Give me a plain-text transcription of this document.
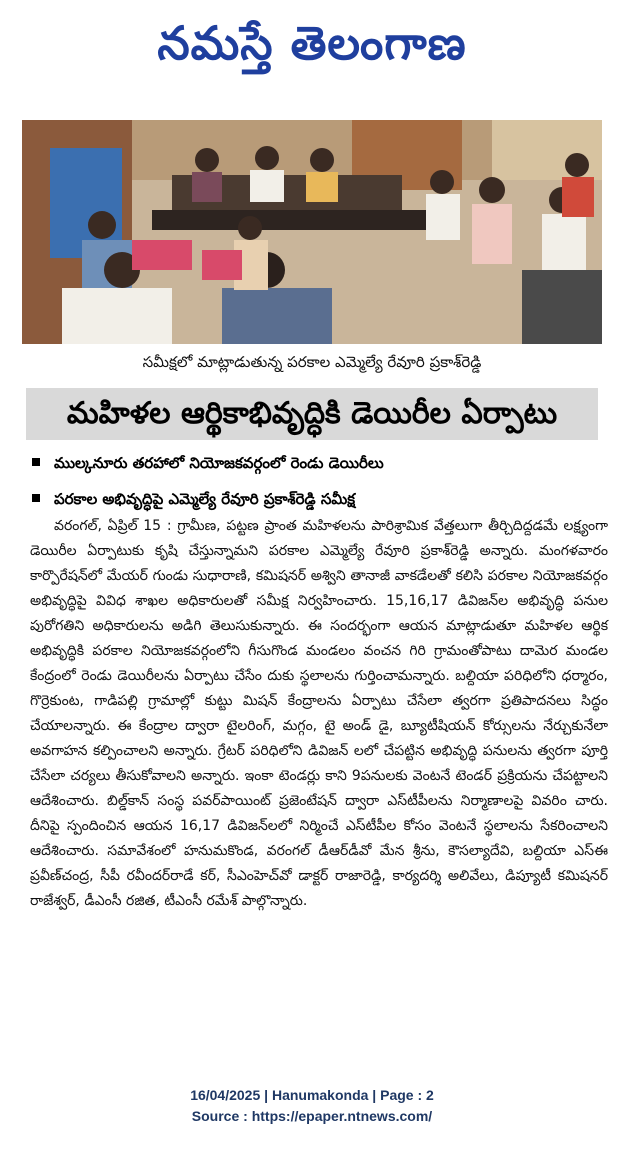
నమస్తే తెలంగాణ
సమీక్షలో మాట్లాడుతున్న పరకాల ఎమ్మెల్యే రేవూరి ప్రకాశ్‌రెడ్డి
మహిళల ఆర్థికాభివృద్ధికి డెయిరీల ఏర్పాటు
ముల్కనూరు తరహాలో నియోజకవర్గంలో రెండు డెయిరీలు
పరకాల అభివృద్ధిపై ఎమ్మెల్యే రేవూరి ప్రకాశ్‌రెడ్డి సమీక్ష
వరంగల్‌, ఏప్రిల్‌ 15 : గ్రామీణ, పట్టణ ప్రాంత మహిళలను పారిశ్రామిక వేత్తలుగా తీర్చిదిద్దడమే లక్ష్యంగా డెయిరీల ఏర్పాటుకు కృషి చేస్తున్నామని పరకాల ఎమ్మెల్యే రేవూరి ప్రకాశ్‌రెడ్డి అన్నారు. మంగళవారం కార్పొరేషన్‌లో మేయర్‌ గుండు సుధారాణి, కమిషనర్‌ అశ్విని తానాజీ వాకడేలతో కలిసి పరకాల నియోజకవర్గం అభివృద్ధిపై వివిధ శాఖల అధికారులతో సమీక్ష నిర్వహించారు. 15,16,17 డివిజన్‌ల అభివృద్ధి పనుల పురోగతిని అధికారులను అడిగి తెలుసుకున్నారు. ఈ సందర్భంగా ఆయన మాట్లాడుతూ మహిళల ఆర్థిక అభివృద్ధికి పరకాల నియోజకవర్గంలోని గీసుగొండ మండలం వంచన గిరి గ్రామంతోపాటు దామెర మండల కేంద్రంలో రెండు డెయిరీలను ఏర్పాటు చేసేం దుకు స్థలాలను గుర్తించామన్నారు. బల్దియా పరిధిలోని ధర్మారం, గొర్రెకుంట, గాడిపల్లి గ్రామాల్లో కుట్టు మిషన్‌ కేంద్రాలను ఏర్పాటు చేసేలా త్వరగా ప్రతిపాదనలు సిద్ధం చేయాలన్నారు. ఈ కేంద్రాల ద్వారా టైలరింగ్‌, మగ్గం, టై అండ్‌ డై, బ్యూటీషియన్‌ కోర్సులను నేర్చుకునేలా అవగాహన కల్పించాలని అన్నారు. గ్రేటర్‌ పరిధిలోని డివిజన్‌ లలో చేపట్టిన అభివృద్ధి పనులను త్వరగా పూర్తి చేసేలా చర్యలు తీసుకోవాలని అన్నారు. ఇంకా టెండర్లు కాని 9పనులకు వెంటనే టెండర్‌ ప్రక్రియను చేపట్టాలని ఆదేశించారు. బిల్డ్‌కాన్‌ సంస్థ పవర్‌పాయింట్‌ ప్రజెంటేషన్‌ ద్వారా ఎస్‌టీపీలను నిర్మాణాలపై వివరిం చారు. దీనిపై స్పందించిన ఆయన 16,17 డివిజన్‌లలో నిర్మించే ఎస్‌టీపీల కోసం వెంటనే స్థలాలను సేకరించాలని ఆదేశించారు. సమావేశంలో హనుమకొండ, వరంగల్‌ డీఆర్‌డీవో మేన శ్రీను, కౌసల్యాదేవి, బల్దియా ఎస్‌ఈ ప్రవీణ్‌చంద్ర, సీపీ రవీందర్‌రాడే కర్‌, సీఎంహెచ్‌వో డాక్టర్‌ రాజారెడ్డి, కార్యదర్శి అలివేలు, డిప్యూటీ కమిషనర్‌ రాజేశ్వర్‌, డీఎంసీ రజిత, టీఎంసీ రమేశ్‌ పాల్గొన్నారు.
16/04/2025 | Hanumakonda | Page : 2
Source : https://epaper.ntnews.com/
